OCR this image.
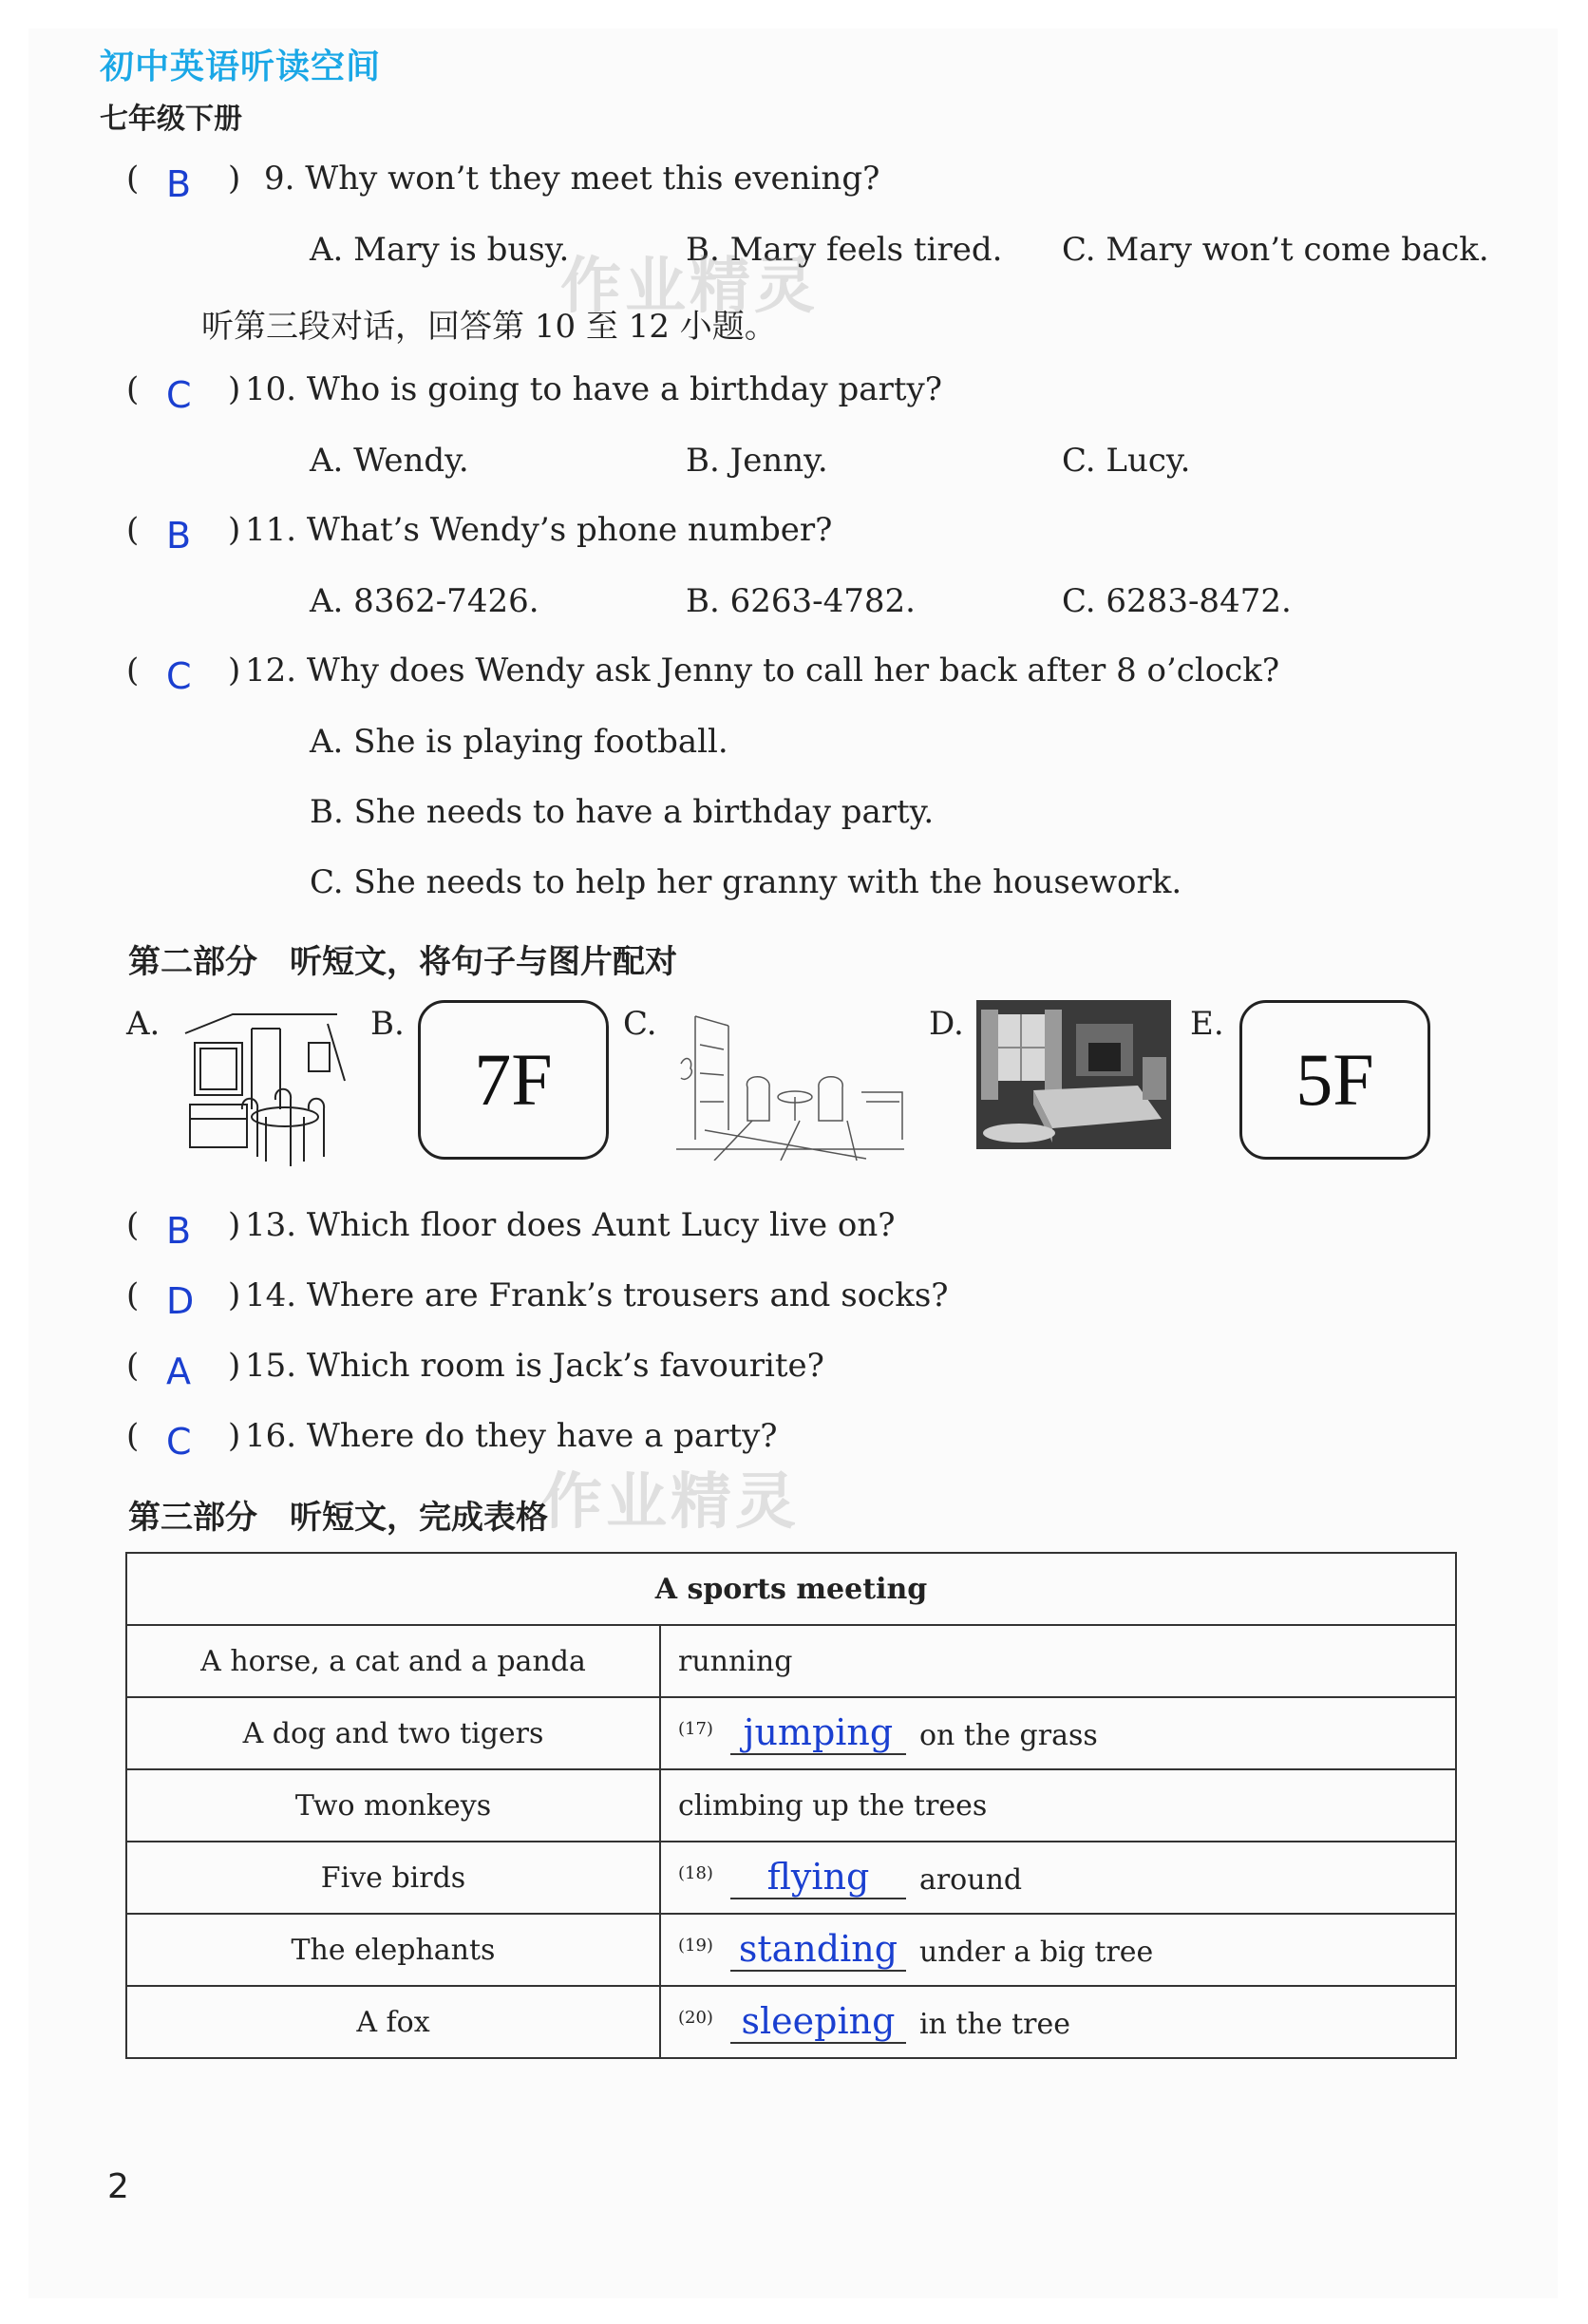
初中英语听读空间
七年级下册
( B ) 9. Why won’t they meet this evening?
A. Mary is busy.	B. Mary feels tired. C. Mary won’t come back.
听第三段对话，回答第 10 至 12 小题。
( C ) 10. Who is going to have a birthday party?
A. Wendy.	B. Jenny.	C. Lucy.
( B ) 11. What’s Wendy’s phone number?
A. 8362-7426.	B. 6263-4782.	C. 6283-8472.
( C ) 12. Why does Wendy ask Jenny to call her back after 8 o’clock?
A. She is playing football.
B. She needs to have a birthday party.
C. She needs to help her granny with the housework.
第二部分　听短文，将句子与图片配对
A.	B.	C.	D.	E.
7F	5F
( B ) 13. Which floor does Aunt Lucy live on?
( D ) 14. Where are Frank’s trousers and socks?
( A ) 15. Which room is Jack’s favourite?
( C ) 16. Where do they have a party?
第三部分　听短文，完成表格
A sports meeting	
A horse, a cat and a panda	running
A dog and two tigers	$^{(17)}$ jumping on the grass
Two monkeys	climbing up the trees
Five birds	$^{(18)}$ flying around
The elephants	$^{(19)}$ standing under a big tree
A fox	$^{(20)}$ sleeping in the tree
作业精灵
作业精灵
2
